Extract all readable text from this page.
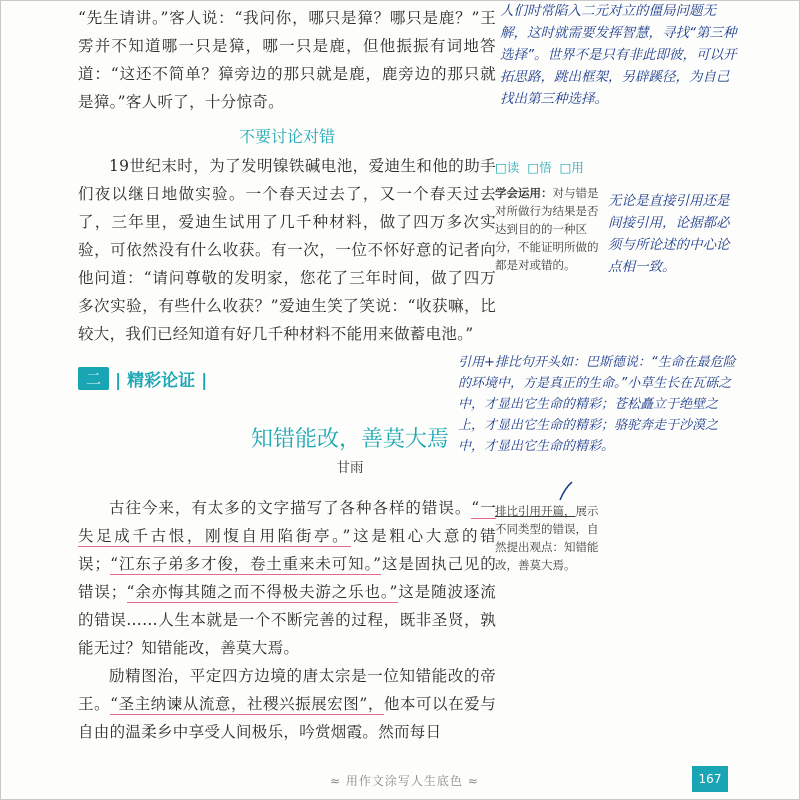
“先生请讲。”客人说：“我问你，哪只是獐？哪只是鹿？”王雱并不知道哪一只是獐，哪一只是鹿，但他振振有词地答道：“这还不简单？獐旁边的那只就是鹿，鹿旁边的那只就是獐。”客人听了，十分惊奇。

不要讨论对错

19世纪末时，为了发明镍铁碱电池，爱迪生和他的助手们夜以继日地做实验。一个春天过去了，又一个春天过去了，三年里，爱迪生试用了几千种材料，做了四万多次实验，可依然没有什么收获。有一次，一位不怀好意的记者向他问道：“请问尊敬的发明家，您花了三年时间，做了四万多次实验，有些什么收获？”爱迪生笑了笑说：“收获嘛，比较大，我们已经知道有好几千种材料不能用来做蓄电池。”

二 | 精彩论证 |
知错能改，善莫大焉
甘雨

古往今来，有太多的文字描写了各种各样的错误。“一失足成千古恨，刚愎自用陷街亭。”这是粗心大意的错误；“江东子弟多才俊，卷土重来未可知。”这是固执己见的错误；“余亦悔其随之而不得极夫游之乐也。”这是随波逐流的错误……人生本就是一个不断完善的过程，既非圣贤，孰能无过？知错能改，善莫大焉。

励精图治，平定四方边境的唐太宗是一位知错能改的帝王。“圣主纳谏从流意，社稷兴振展宏图”，他本可以在爱与自由的温柔乡中享受人间极乐，吟赏烟霞。然而每日

□读 □悟 □用
学会运用：对与错是对所做行为结果是否达到目的的一种区分，不能证明所做的都是对或错的。
排比引用开篇，展示不同类型的错误，自然提出观点：知错能改，善莫大焉。

人们时常陷入二元对立的僵局问题无解，这时就需要发挥智慧，寻找“第三种选择”。世界不是只有非此即彼，可以开拓思路，跳出框架，另辟蹊径，为自己找出第三种选择。

无论是直接引用还是间接引用，论据都必须与所论述的中心论点相一致。

引用+排比句开头如：巴斯德说：“生命在最危险的环境中，方是真正的生命。”小草生长在瓦砾之中，才显出它生命的精彩；苍松矗立于绝壁之上，才显出它生命的精彩；骆驼奔走于沙漠之中，才显出它生命的精彩。

≈ 用作文涂写人生底色 ≈	167
